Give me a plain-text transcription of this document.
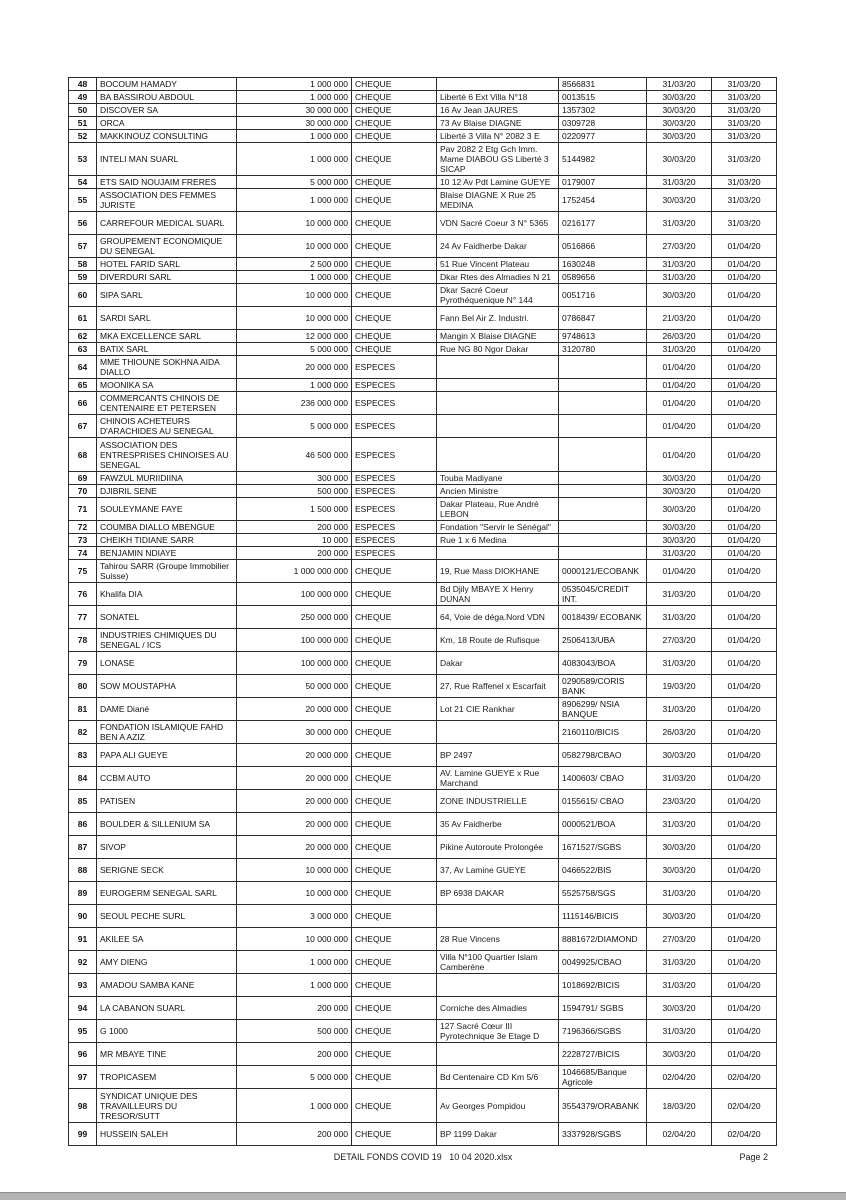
48	BOCOUM HAMADY	1 000 000	CHEQUE		8566831	31/03/20	31/03/20
49	BA BASSIROU ABDOUL	1 000 000	CHEQUE	Liberté 6 Ext Villa N°18	0013515	30/03/20	31/03/20
50	DISCOVER SA	30 000 000	CHEQUE	16 Av Jean JAURES	1357302	30/03/20	31/03/20
51	ORCA	30 000 000	CHEQUE	73 Av Blaise DIAGNE	0309728	30/03/20	31/03/20
52	MAKKINOUZ CONSULTING	1 000 000	CHEQUE	Liberté 3 Villa N° 2082 3 E	0220977	30/03/20	31/03/20
53	INTELI MAN SUARL	1 000 000	CHEQUE	Pav 2082 2 Etg Gch Imm. Mame DIABOU GS Liberté 3 SICAP	5144982	30/03/20	31/03/20
54	ETS SAID NOUJAIM FRERES	5 000 000	CHEQUE	10 12 Av Pdt Lamine GUEYE	0179007	31/03/20	31/03/20
55	ASSOCIATION DES FEMMES JURISTE	1 000 000	CHEQUE	Blaise DIAGNE X Rue 25 MEDINA	1752454	30/03/20	31/03/20
56	CARREFOUR MEDICAL SUARL	10 000 000	CHEQUE	VDN Sacré Coeur 3 N° 5365	0216177	31/03/20	31/03/20
57	GROUPEMENT ECONOMIQUE DU SENEGAL	10 000 000	CHEQUE	24 Av Faidherbe Dakar	0516866	27/03/20	01/04/20
58	HOTEL FARID SARL	2 500 000	CHEQUE	51 Rue Vincent Plateau	1630248	31/03/20	01/04/20
59	DIVERDURI SARL	1 000 000	CHEQUE	Dkar Rtes des Almadies N 21	0589656	31/03/20	01/04/20
60	SIPA SARL	10 000 000	CHEQUE	Dkar Sacré Coeur Pyrothéquenique N° 144	0051716	30/03/20	01/04/20
61	SARDI SARL	10 000 000	CHEQUE	Fann Bel Air Z. Industri.	0786847	21/03/20	01/04/20
62	MKA EXCELLENCE SARL	12 000 000	CHEQUE	Mangin X Blaise DIAGNE	9748613	26/03/20	01/04/20
63	BATIX SARL	5 000 000	CHEQUE	Rue NG 80 Ngor Dakar	3120780	31/03/20	01/04/20
64	MME THIOUNE SOKHNA AIDA DIALLO	20 000 000	ESPECES			01/04/20	01/04/20
65	MOONIKA SA	1 000 000	ESPECES			01/04/20	01/04/20
66	COMMERCANTS CHINOIS DE CENTENAIRE ET PETERSEN	236 000 000	ESPECES			01/04/20	01/04/20
67	CHINOIS ACHETEURS D'ARACHIDES AU SENEGAL	5 000 000	ESPECES			01/04/20	01/04/20
68	ASSOCIATION DES ENTRESPRISES CHINOISES AU SENEGAL	46 500 000	ESPECES			01/04/20	01/04/20
69	FAWZUL MURIIDIINA	300 000	ESPECES	Touba Madiyane		30/03/20	01/04/20
70	DJIBRIL SENE	500 000	ESPECES	Ancien Ministre		30/03/20	01/04/20
71	SOULEYMANE FAYE	1 500 000	ESPECES	Dakar Plateau, Rue André LEBON		30/03/20	01/04/20
72	COUMBA DIALLO MBENGUE	200 000	ESPECES	Fondation "Servir le Sénégal"		30/03/20	01/04/20
73	CHEIKH TIDIANE SARR	10 000	ESPECES	Rue 1 x 6 Medina		30/03/20	01/04/20
74	BENJAMIN NDIAYE	200 000	ESPECES			31/03/20	01/04/20
75	Tahirou SARR (Groupe Immobilier Suisse)	1 000 000 000	CHEQUE	19, Rue Mass DIOKHANE	0000121/ECOBANK	01/04/20	01/04/20
76	Khalifa DIA	100 000 000	CHEQUE	Bd Djily MBAYE X Henry DUNAN	0535045/CREDIT INT.	31/03/20	01/04/20
77	SONATEL	250 000 000	CHEQUE	64, Voie de déga.Nord VDN	0018439/ ECOBANK	31/03/20	01/04/20
78	INDUSTRIES CHIMIQUES DU SENEGAL / ICS	100 000 000	CHEQUE	Km, 18 Route de Rufisque	2506413/UBA	27/03/20	01/04/20
79	LONASE	100 000 000	CHEQUE	Dakar	4083043/BOA	31/03/20	01/04/20
80	SOW MOUSTAPHA	50 000 000	CHEQUE	27, Rue Raffenel x Escarfait	0290589/CORIS BANK	19/03/20	01/04/20
81	DAME Diané	20 000 000	CHEQUE	Lot 21 CIE Rankhar	8906299/ NSIA BANQUE	31/03/20	01/04/20
82	FONDATION ISLAMIQUE FAHD BEN A AZIZ	30 000 000	CHEQUE		2160110/BICIS	26/03/20	01/04/20
83	PAPA ALI GUEYE	20 000 000	CHEQUE	BP 2497	0582798/CBAO	30/03/20	01/04/20
84	CCBM AUTO	20 000 000	CHEQUE	AV. Lamine GUEYE x Rue Marchand	1400603/ CBAO	31/03/20	01/04/20
85	PATISEN	20 000 000	CHEQUE	ZONE INDUSTRIELLE	0155615/ CBAO	23/03/20	01/04/20
86	BOULDER & SILLENIUM SA	20 000 000	CHEQUE	35 Av Faidherbe	0000521/BOA	31/03/20	01/04/20
87	SIVOP	20 000 000	CHEQUE	Pikine Autoroute Prolongée	1671527/SGBS	30/03/20	01/04/20
88	SERIGNE SECK	10 000 000	CHEQUE	37, Av Lamine GUEYE	0466522/BIS	30/03/20	01/04/20
89	EUROGERM SENEGAL SARL	10 000 000	CHEQUE	BP 6938 DAKAR	5525758/SGS	31/03/20	01/04/20
90	SEOUL PECHE SURL	3 000 000	CHEQUE		1115146/BICIS	30/03/20	01/04/20
91	AKILEE SA	10 000 000	CHEQUE	28 Rue Vincens	8881672/DIAMOND	27/03/20	01/04/20
92	AMY DIENG	1 000 000	CHEQUE	Villa N°100 Quartier Islam Camberéne	0049925/CBAO	31/03/20	01/04/20
93	AMADOU SAMBA KANE	1 000 000	CHEQUE		1018692/BICIS	31/03/20	01/04/20
94	LA CABANON SUARL	200 000	CHEQUE	Corniche des Almadies	1594791/ SGBS	30/03/20	01/04/20
95	G 1000	500 000	CHEQUE	127 Sacré Cœur III Pyrotechnique 3e Etage D	7196366/SGBS	31/03/20	01/04/20
96	MR MBAYE TINE	200 000	CHEQUE		2228727/BICIS	30/03/20	01/04/20
97	TROPICASEM	5 000 000	CHEQUE	Bd Centenaire CD Km 5/6	1046685/Banque Agricole	02/04/20	02/04/20
98	SYNDICAT UNIQUE DES TRAVAILLEURS DU TRESOR/SUTT	1 000 000	CHEQUE	Av Georges Pompidou	3554379/ORABANK	18/03/20	02/04/20
99	HUSSEIN SALEH	200 000	CHEQUE	BP 1199 Dakar	3337928/SGBS	02/04/20	02/04/20
DETAIL FONDS COVID 19   10 04 2020.xlsx	Page 2
